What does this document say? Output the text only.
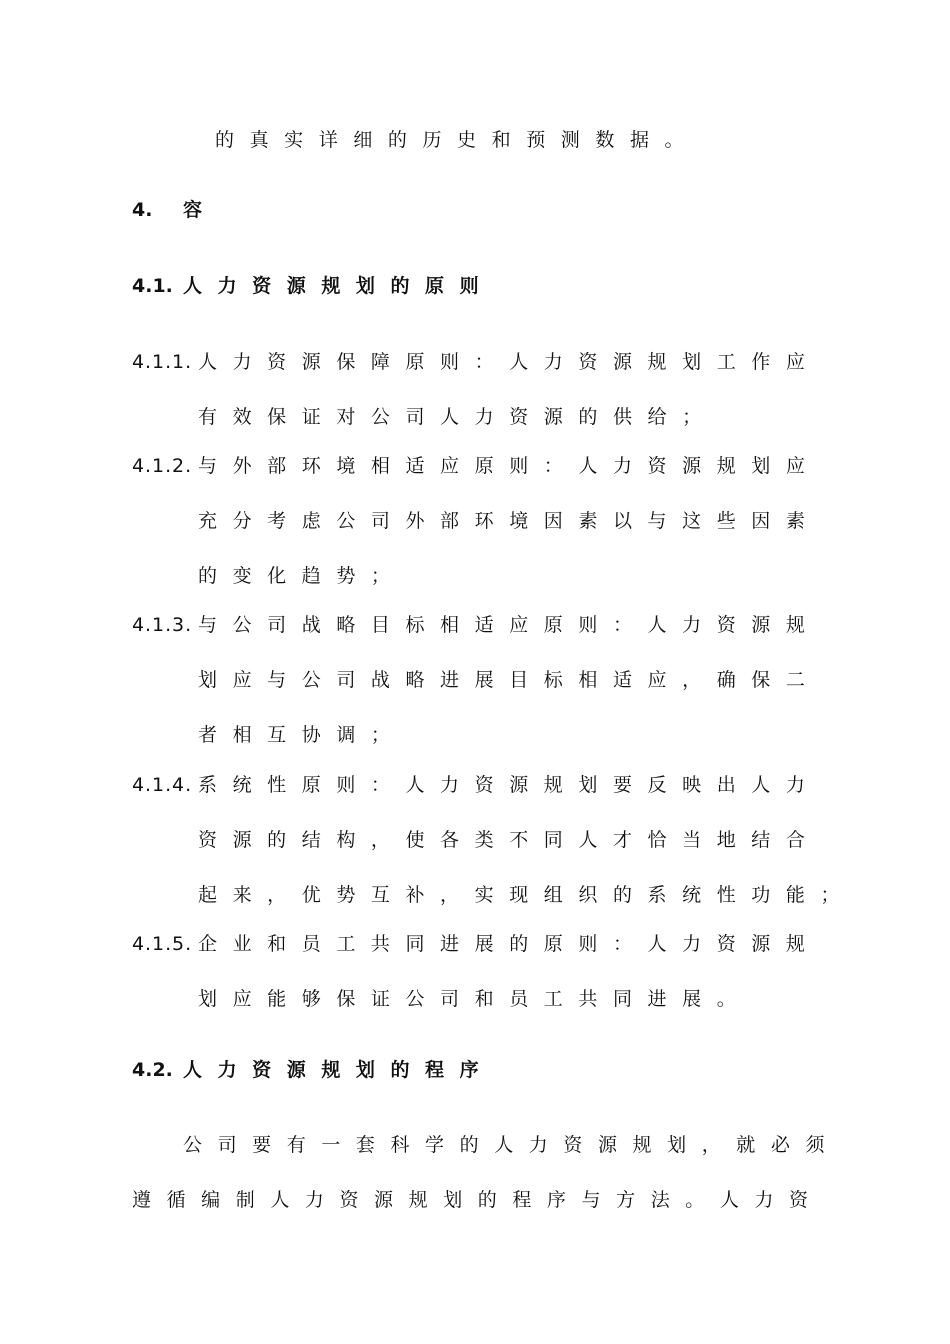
的真实详细的历史和预测数据。
4. 容
4.1. 人力资源规划的原则
4.1.1. 人力资源保障原则：人力资源规划工作应
有效保证对公司人力资源的供给；
4.1.2. 与外部环境相适应原则：人力资源规划应
充分考虑公司外部环境因素以与这些因素
的变化趋势；
4.1.3. 与公司战略目标相适应原则：人力资源规
划应与公司战略进展目标相适应，确保二
者相互协调；
4.1.4. 系统性原则：人力资源规划要反映出人力
资源的结构，使各类不同人才恰当地结合
起来，优势互补，实现组织的系统性功能；
4.1.5. 企业和员工共同进展的原则：人力资源规
划应能够保证公司和员工共同进展。
4.2. 人力资源规划的程序
公司要有一套科学的人力资源规划，就必须
遵循编制人力资源规划的程序与方法。人力资
